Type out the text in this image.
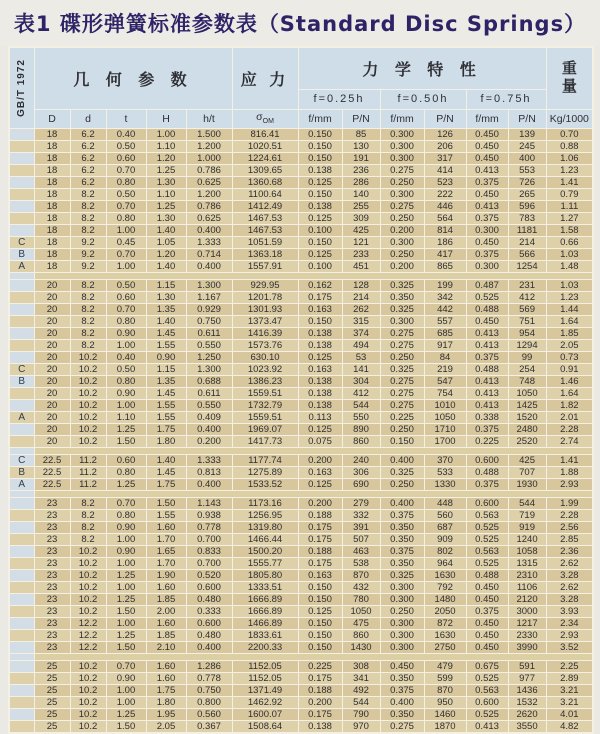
表1 碟形弹簧标准参数表（Standard Disc Springs）
GB/T 1972	几 何 参 数					应 力	力 学 特 性						重
量

							f=0.25h		f=0.50h		f=0.75h		
	D	d	t	H	h/t	$\sigma_{OM}$	f/mm	P/N	f/mm	P/N	f/mm	P/N	Kg/1000
	18	6.2	0.40	1.00	1.500	816.41	0.150	85	0.300	126	0.450	139	0.70
	18	6.2	0.50	1.10	1.200	1020.51	0.150	130	0.300	206	0.450	245	0.88
	18	6.2	0.60	1.20	1.000	1224.61	0.150	191	0.300	317	0.450	400	1.06
	18	6.2	0.70	1.25	0.786	1309.65	0.138	236	0.275	414	0.413	553	1.23
	18	6.2	0.80	1.30	0.625	1360.68	0.125	286	0.250	523	0.375	726	1.41
	18	8.2	0.50	1.10	1.200	1100.64	0.150	140	0.300	222	0.450	265	0.79
	18	8.2	0.70	1.25	0.786	1412.49	0.138	255	0.275	446	0.413	596	1.11
	18	8.2	0.80	1.30	0.625	1467.53	0.125	309	0.250	564	0.375	783	1.27
	18	8.2	1.00	1.40	0.400	1467.53	0.100	425	0.200	814	0.300	1181	1.58
C	18	9.2	0.45	1.05	1.333	1051.59	0.150	121	0.300	186	0.450	214	0.66
B	18	9.2	0.70	1.20	0.714	1363.18	0.125	233	0.250	417	0.375	566	1.03
A	18	9.2	1.00	1.40	0.400	1557.91	0.100	451	0.200	865	0.300	1254	1.48

	20	8.2	0.50	1.15	1.300	929.95	0.162	128	0.325	199	0.487	231	1.03
	20	8.2	0.60	1.30	1.167	1201.78	0.175	214	0.350	342	0.525	412	1.23
	20	8.2	0.70	1.35	0.929	1301.93	0.163	262	0.325	442	0.488	569	1.44
	20	8.2	0.80	1.40	0.750	1373.47	0.150	315	0.300	557	0.450	751	1.64
	20	8.2	0.90	1.45	0.611	1416.39	0.138	374	0.275	685	0.413	954	1.85
	20	8.2	1.00	1.55	0.550	1573.76	0.138	494	0.275	917	0.413	1294	2.05
	20	10.2	0.40	0.90	1.250	630.10	0.125	53	0.250	84	0.375	99	0.73
C	20	10.2	0.50	1.15	1.300	1023.92	0.163	141	0.325	219	0.488	254	0.91
B	20	10.2	0.80	1.35	0.688	1386.23	0.138	304	0.275	547	0.413	748	1.46
	20	10.2	0.90	1.45	0.611	1559.51	0.138	412	0.275	754	0.413	1050	1.64
	20	10.2	1.00	1.55	0.550	1732.79	0.138	544	0.275	1010	0.413	1425	1.82
A	20	10.2	1.10	1.55	0.409	1559.51	0.113	550	0.225	1050	0.338	1520	2.01
	20	10.2	1.25	1.75	0.400	1969.07	0.125	890	0.250	1710	0.375	2480	2.28
	20	10.2	1.50	1.80	0.200	1417.73	0.075	860	0.150	1700	0.225	2520	2.74

C	22.5	11.2	0.60	1.40	1.333	1177.74	0.200	240	0.400	370	0.600	425	1.41
B	22.5	11.2	0.80	1.45	0.813	1275.89	0.163	306	0.325	533	0.488	707	1.88
A	22.5	11.2	1.25	1.75	0.400	1533.52	0.125	690	0.250	1330	0.375	1930	2.93

	23	8.2	0.70	1.50	1.143	1173.16	0.200	279	0.400	448	0.600	544	1.99
	23	8.2	0.80	1.55	0.938	1256.95	0.188	332	0.375	560	0.563	719	2.28
	23	8.2	0.90	1.60	0.778	1319.80	0.175	391	0.350	687	0.525	919	2.56
	23	8.2	1.00	1.70	0.700	1466.44	0.175	507	0.350	909	0.525	1240	2.85
	23	10.2	0.90	1.65	0.833	1500.20	0.188	463	0.375	802	0.563	1058	2.36
	23	10.2	1.00	1.70	0.700	1555.77	0.175	538	0.350	964	0.525	1315	2.62
	23	10.2	1.25	1.90	0.520	1805.80	0.163	870	0.325	1630	0.488	2310	3.28
	23	10.2	1.00	1.60	0.600	1333.51	0.150	432	0.300	792	0.450	1106	2.62
	23	10.2	1.25	1.85	0.480	1666.89	0.150	780	0.300	1480	0.450	2120	3.28
	23	10.2	1.50	2.00	0.333	1666.89	0.125	1050	0.250	2050	0.375	3000	3.93
	23	12.2	1.00	1.60	0.600	1466.89	0.150	475	0.300	872	0.450	1217	2.34
	23	12.2	1.25	1.85	0.480	1833.61	0.150	860	0.300	1630	0.450	2330	2.93
	23	12.2	1.50	2.10	0.400	2200.33	0.150	1430	0.300	2750	0.450	3990	3.52

	25	10.2	0.70	1.60	1.286	1152.05	0.225	308	0.450	479	0.675	591	2.25
	25	10.2	0.90	1.60	0.778	1152.05	0.175	341	0.350	599	0.525	977	2.89
	25	10.2	1.00	1.75	0.750	1371.49	0.188	492	0.375	870	0.563	1436	3.21
	25	10.2	1.00	1.80	0.800	1462.92	0.200	544	0.400	950	0.600	1532	3.21
	25	10.2	1.25	1.95	0.560	1600.07	0.175	790	0.350	1460	0.525	2620	4.01
	25	10.2	1.50	2.05	0.367	1508.64	0.138	970	0.275	1870	0.413	3550	4.82
